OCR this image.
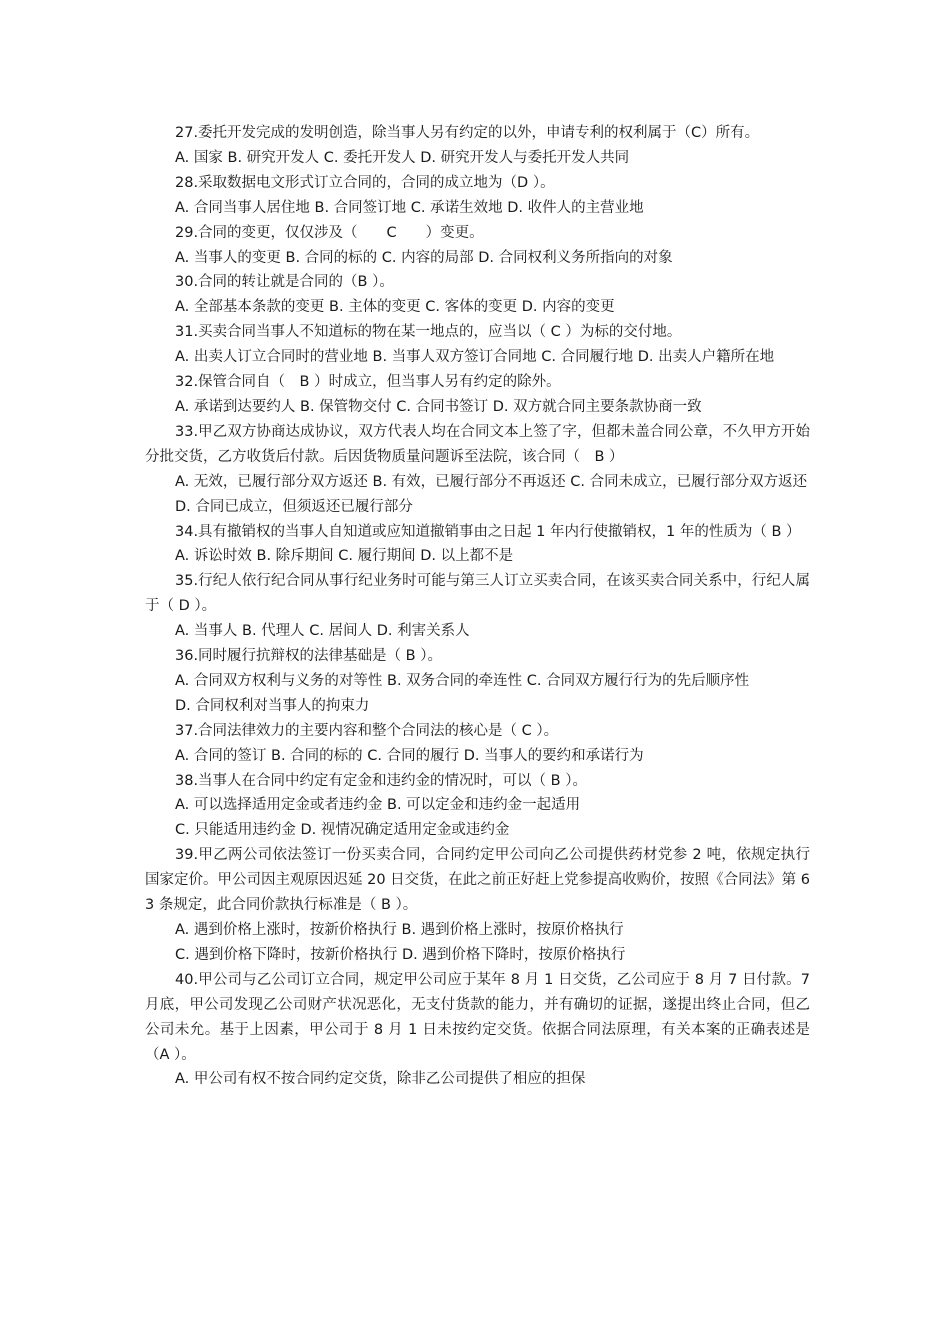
27.委托开发完成的发明创造，除当事人另有约定的以外，申请专利的权利属于（C）所有。

A. 国家 B. 研究开发人 C. 委托开发人 D. 研究开发人与委托开发人共同

28.采取数据电文形式订立合同的，合同的成立地为（D ）。

A. 合同当事人居住地 B. 合同签订地 C. 承诺生效地 D. 收件人的主营业地

29.合同的变更，仅仅涉及（　　C　　）变更。

A. 当事人的变更 B. 合同的标的 C. 内容的局部 D. 合同权利义务所指向的对象

30.合同的转让就是合同的（B ）。

A. 全部基本条款的变更 B. 主体的变更 C. 客体的变更 D. 内容的变更

31.买卖合同当事人不知道标的物在某一地点的，应当以（ C ）为标的交付地。

A. 出卖人订立合同时的营业地 B. 当事人双方签订合同地 C. 合同履行地 D. 出卖人户籍所在地

32.保管合同自（　B ）时成立，但当事人另有约定的除外。

A. 承诺到达要约人 B. 保管物交付 C. 合同书签订 D. 双方就合同主要条款协商一致

33.甲乙双方协商达成协议，双方代表人均在合同文本上签了字，但都未盖合同公章，不久甲方开始分批交货，乙方收货后付款。后因货物质量问题诉至法院，该合同（　B ）

A. 无效，已履行部分双方返还 B. 有效，已履行部分不再返还 C. 合同未成立，已履行部分双方返还

D. 合同已成立，但须返还已履行部分

34.具有撤销权的当事人自知道或应知道撤销事由之日起 1 年内行使撤销权，1 年的性质为（ B ）

A. 诉讼时效 B. 除斥期间 C. 履行期间 D. 以上都不是

35.行纪人依行纪合同从事行纪业务时可能与第三人订立买卖合同，在该买卖合同关系中，行纪人属于（ D ）。

A. 当事人 B. 代理人 C. 居间人 D. 利害关系人

36.同时履行抗辩权的法律基础是（ B ）。

A. 合同双方权利与义务的对等性 B. 双务合同的牵连性 C. 合同双方履行行为的先后顺序性

D. 合同权利对当事人的拘束力

37.合同法律效力的主要内容和整个合同法的核心是（ C ）。

A. 合同的签订 B. 合同的标的 C. 合同的履行 D. 当事人的要约和承诺行为

38.当事人在合同中约定有定金和违约金的情况时，可以（ B ）。

A. 可以选择适用定金或者违约金 B. 可以定金和违约金一起适用

C. 只能适用违约金 D. 视情况确定适用定金或违约金

39.甲乙两公司依法签订一份买卖合同，合同约定甲公司向乙公司提供药材党参 2 吨，依规定执行国家定价。甲公司因主观原因迟延 20 日交货，在此之前正好赶上党参提高收购价，按照《合同法》第 63 条规定，此合同价款执行标准是（ B ）。

A. 遇到价格上涨时，按新价格执行 B. 遇到价格上涨时，按原价格执行

C. 遇到价格下降时，按新价格执行 D. 遇到价格下降时，按原价格执行

40.甲公司与乙公司订立合同，规定甲公司应于某年 8 月 1 日交货，乙公司应于 8 月 7 日付款。7 月底，甲公司发现乙公司财产状况恶化，无支付货款的能力，并有确切的证据，遂提出终止合同，但乙公司未允。基于上因素，甲公司于 8 月 1 日未按约定交货。依据合同法原理，有关本案的正确表述是（A ）。

A. 甲公司有权不按合同约定交货，除非乙公司提供了相应的担保
